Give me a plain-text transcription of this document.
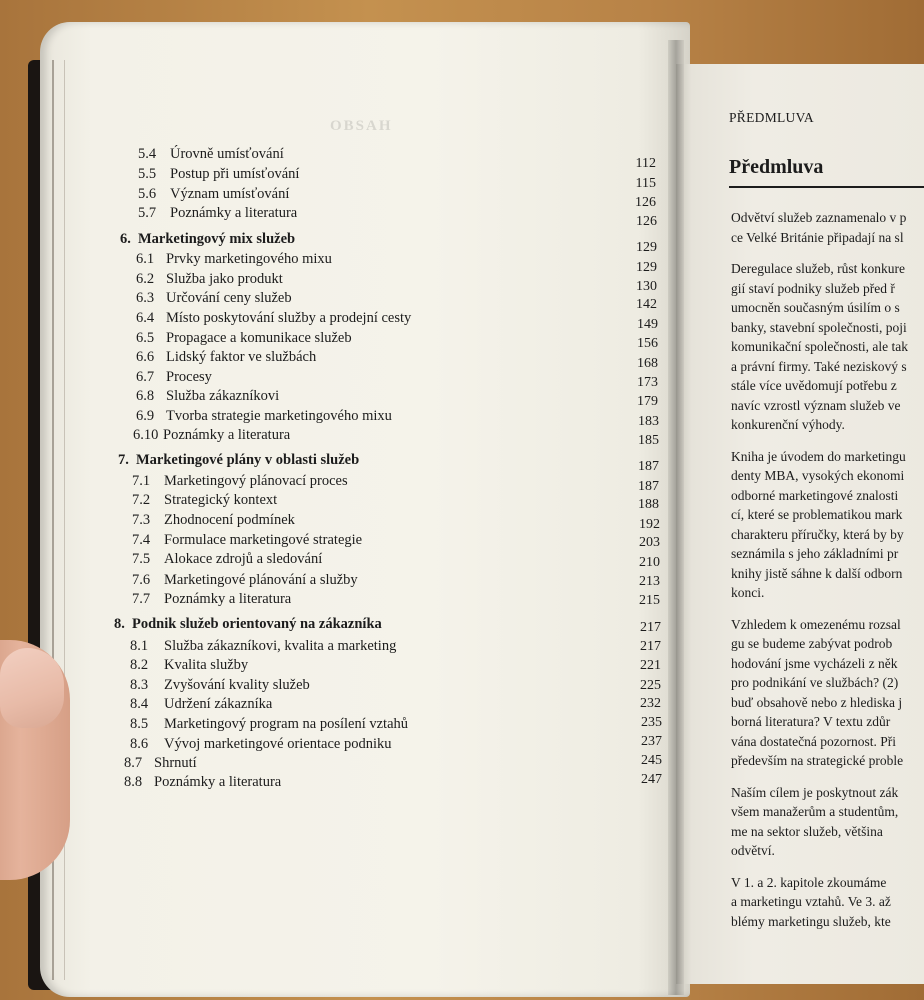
OBSAH
5.4 Úrovně umísťování
5.5 Postup při umísťování
5.6 Význam umísťování
5.7 Poznámky a literatura
6. Marketingový mix služeb
6.1 Prvky marketingového mixu
6.2 Služba jako produkt
6.3 Určování ceny služeb
6.4 Místo poskytování služby a prodejní cesty
6.5 Propagace a komunikace služeb
6.6 Lidský faktor ve službách
6.7 Procesy
6.8 Služba zákazníkovi
6.9 Tvorba strategie marketingového mixu
6.10 Poznámky a literatura
7. Marketingové plány v oblasti služeb
7.1 Marketingový plánovací proces
7.2 Strategický kontext
7.3 Zhodnocení podmínek
7.4 Formulace marketingové strategie
7.5 Alokace zdrojů a sledování
7.6 Marketingové plánování a služby
7.7 Poznámky a literatura
8. Podnik služeb orientovaný na zákazníka
8.1 Služba zákazníkovi, kvalita a marketing
8.2 Kvalita služby
8.3 Zvyšování kvality služeb
8.4 Udržení zákazníka
8.5 Marketingový program na posílení vztahů
8.6 Vývoj marketingové orientace podniku
8.7 Shrnutí
8.8 Poznámky a literatura
112
115
126
126
129
129
130
142
149
156
168
173
179
183
185
187
187
188
192
203
210
213
215
217
217
221
225
232
235
237
245
247
PŘEDMLUVA
Předmluva
Odvětví služeb zaznamenalo v p
ce Velké Británie připadají na sl
Deregulace služeb, růst konkure
gií staví podniky služeb před ř
umocněn současným úsilím o s
banky, stavební společnosti, poji
komunikační společnosti, ale tak
a právní firmy. Také neziskový s
stále více uvědomují potřebu z
navíc vzrostl význam služeb ve
konkurenční výhody.
Kniha je úvodem do marketingu
denty MBA, vysokých ekonomi
odborné marketingové znalosti
cí, které se problematikou mark
charakteru příručky, která by by
seznámila s jeho základními pr
knihy jistě sáhne k další odborn
konci.
Vzhledem k omezenému rozsal
gu se budeme zabývat podrob
hodování jsme vycházeli z něk
pro podnikání ve službách? (2)
buď obsahově nebo z hlediska j
borná literatura? V textu zdůr
vána dostatečná pozornost. Při
především na strategické proble
Naším cílem je poskytnout zák
všem manažerům a studentům,
me na sektor služeb, většina
odvětví.
V 1. a 2. kapitole zkoumáme
a marketingu vztahů. Ve 3. až
blémy marketingu služeb, kte
